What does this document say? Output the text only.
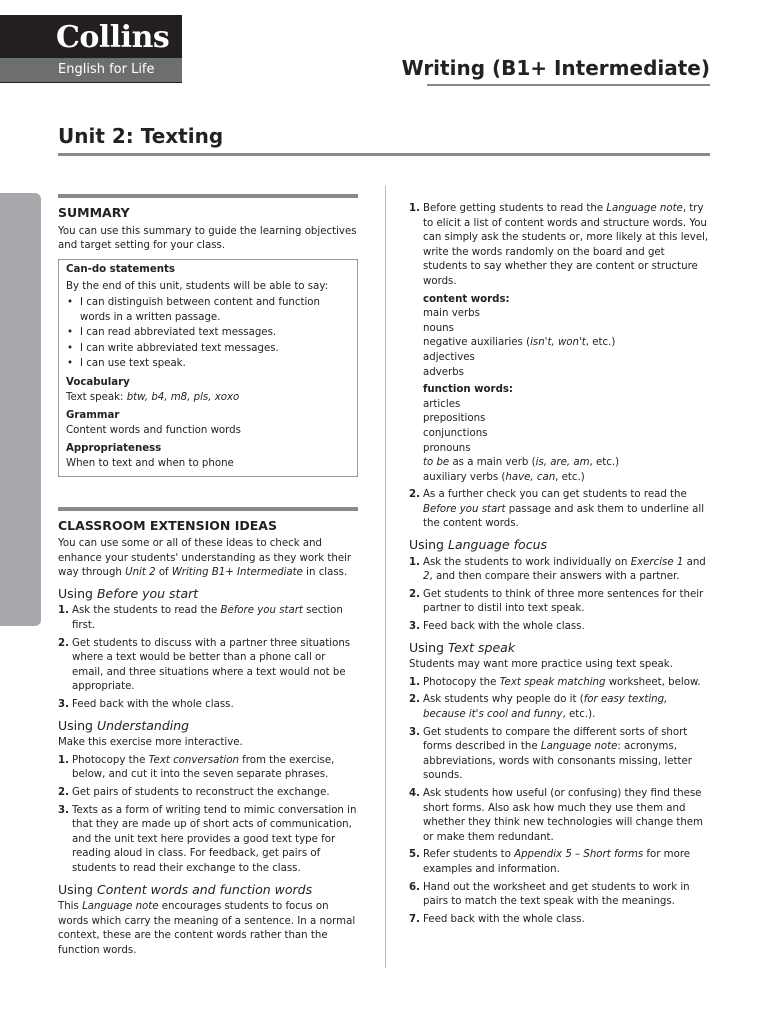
Collins
English for Life	Writing (B1+ Intermediate)
Unit 2: Texting
SUMMARY
You can use this summary to guide the learning objectives and target setting for your class.
Can-do statements
By the end of this unit, students will be able to say:
• I can distinguish between content and function words in a written passage.
• I can read abbreviated text messages.
• I can write abbreviated text messages.
• I can use text speak.
Vocabulary
Text speak: btw, b4, m8, pls, xoxo
Grammar
Content words and function words
Appropriateness
When to text and when to phone
CLASSROOM EXTENSION IDEAS
You can use some or all of these ideas to check and enhance your students' understanding as they work their way through Unit 2 of Writing B1+ Intermediate in class.
Using Before you start
1. Ask the students to read the Before you start section first.
2. Get students to discuss with a partner three situations where a text would be better than a phone call or email, and three situations where a text would not be appropriate.
3. Feed back with the whole class.
Using Understanding
Make this exercise more interactive.
1. Photocopy the Text conversation from the exercise, below, and cut it into the seven separate phrases.
2. Get pairs of students to reconstruct the exchange.
3. Texts as a form of writing tend to mimic conversation in that they are made up of short acts of communication, and the unit text here provides a good text type for reading aloud in class. For feedback, get pairs of students to read their exchange to the class.
Using Content words and function words
This Language note encourages students to focus on words which carry the meaning of a sentence. In a normal context, these are the content words rather than the function words.
1. Before getting students to read the Language note, try to elicit a list of content words and structure words. You can simply ask the students or, more likely at this level, write the words randomly on the board and get students to say whether they are content or structure words.
content words:
main verbs
nouns
negative auxiliaries (isn't, won't, etc.)
adjectives
adverbs
function words:
articles
prepositions
conjunctions
pronouns
to be as a main verb (is, are, am, etc.)
auxiliary verbs (have, can, etc.)
2. As a further check you can get students to read the Before you start passage and ask them to underline all the content words.
Using Language focus
1. Ask the students to work individually on Exercise 1 and 2, and then compare their answers with a partner.
2. Get students to think of three more sentences for their partner to distil into text speak.
3. Feed back with the whole class.
Using Text speak
Students may want more practice using text speak.
1. Photocopy the Text speak matching worksheet, below.
2. Ask students why people do it (for easy texting, because it's cool and funny, etc.).
3. Get students to compare the different sorts of short forms described in the Language note: acronyms, abbreviations, words with consonants missing, letter sounds.
4. Ask students how useful (or confusing) they find these short forms. Also ask how much they use them and whether they think new technologies will change them or make them redundant.
5. Refer students to Appendix 5 – Short forms for more examples and information.
6. Hand out the worksheet and get students to work in pairs to match the text speak with the meanings.
7. Feed back with the whole class.
